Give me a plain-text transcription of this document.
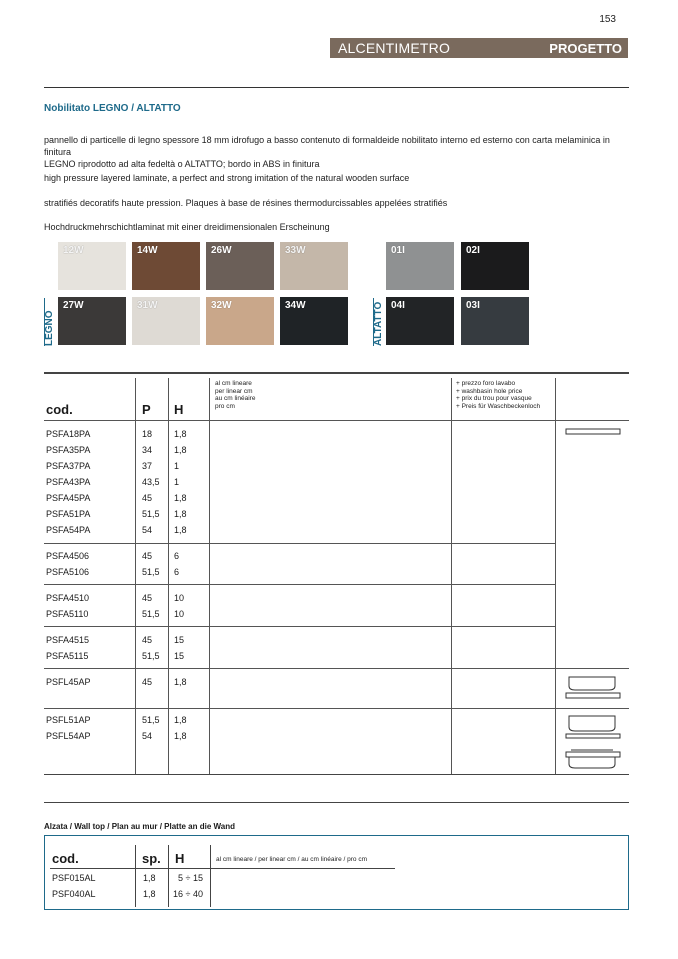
153
ALCENTIMETRO	PROGETTO
Nobilitato LEGNO / ALTATTO
pannello di particelle di legno spessore 18 mm idrofugo a basso contenuto di formaldeide nobilitato interno ed esterno con carta melaminica in finitura
LEGNO riprodotto ad alta fedeltà o ALTATTO; bordo in ABS in finitura
high pressure layered laminate, a perfect and strong imitation of the natural wooden surface
stratifiés decoratifs haute pression. Plaques à base de résines thermodurcissables appelées stratifiés
Hochdruckmehrschichtlaminat mit einer dreidimensionalen Erscheinung
LEGNO
12W	14W	26W	33W
27W	31W	32W	34W	ALTATTO
01I	02I
04I	03I
cod.	P H
al cm lineare
per linear cm
au cm linéaire
pro cm
+ prezzo foro lavabo
+ washbasin hole price
+ prix du trou pour vasque
+ Preis für Waschbeckenloch
PSFA18PA	18 1,8
PSFA35PA	34 1,8
PSFA37PA	37 1
PSFA43PA	43,5 1
PSFA45PA	45 1,8
PSFA51PA	51,5 1,8
PSFA54PA	54 1,8
PSFA4506	45 6
PSFA5106	51,5 6
PSFA4510	45 10
PSFA5110	51,5 10
PSFA4515	45 15
PSFA5115	51,5 15
PSFL45AP	45 1,8
PSFL51AP	51,5 1,8
PSFL54AP	54 1,8
Alzata / Wall top / Plan au mur / Platte an die Wand
cod.	sp. H	al cm lineare / per linear cm / au cm linéaire / pro cm
PSF015AL	1,8 5 ÷ 15
PSF040AL	1,8 16 ÷ 40
